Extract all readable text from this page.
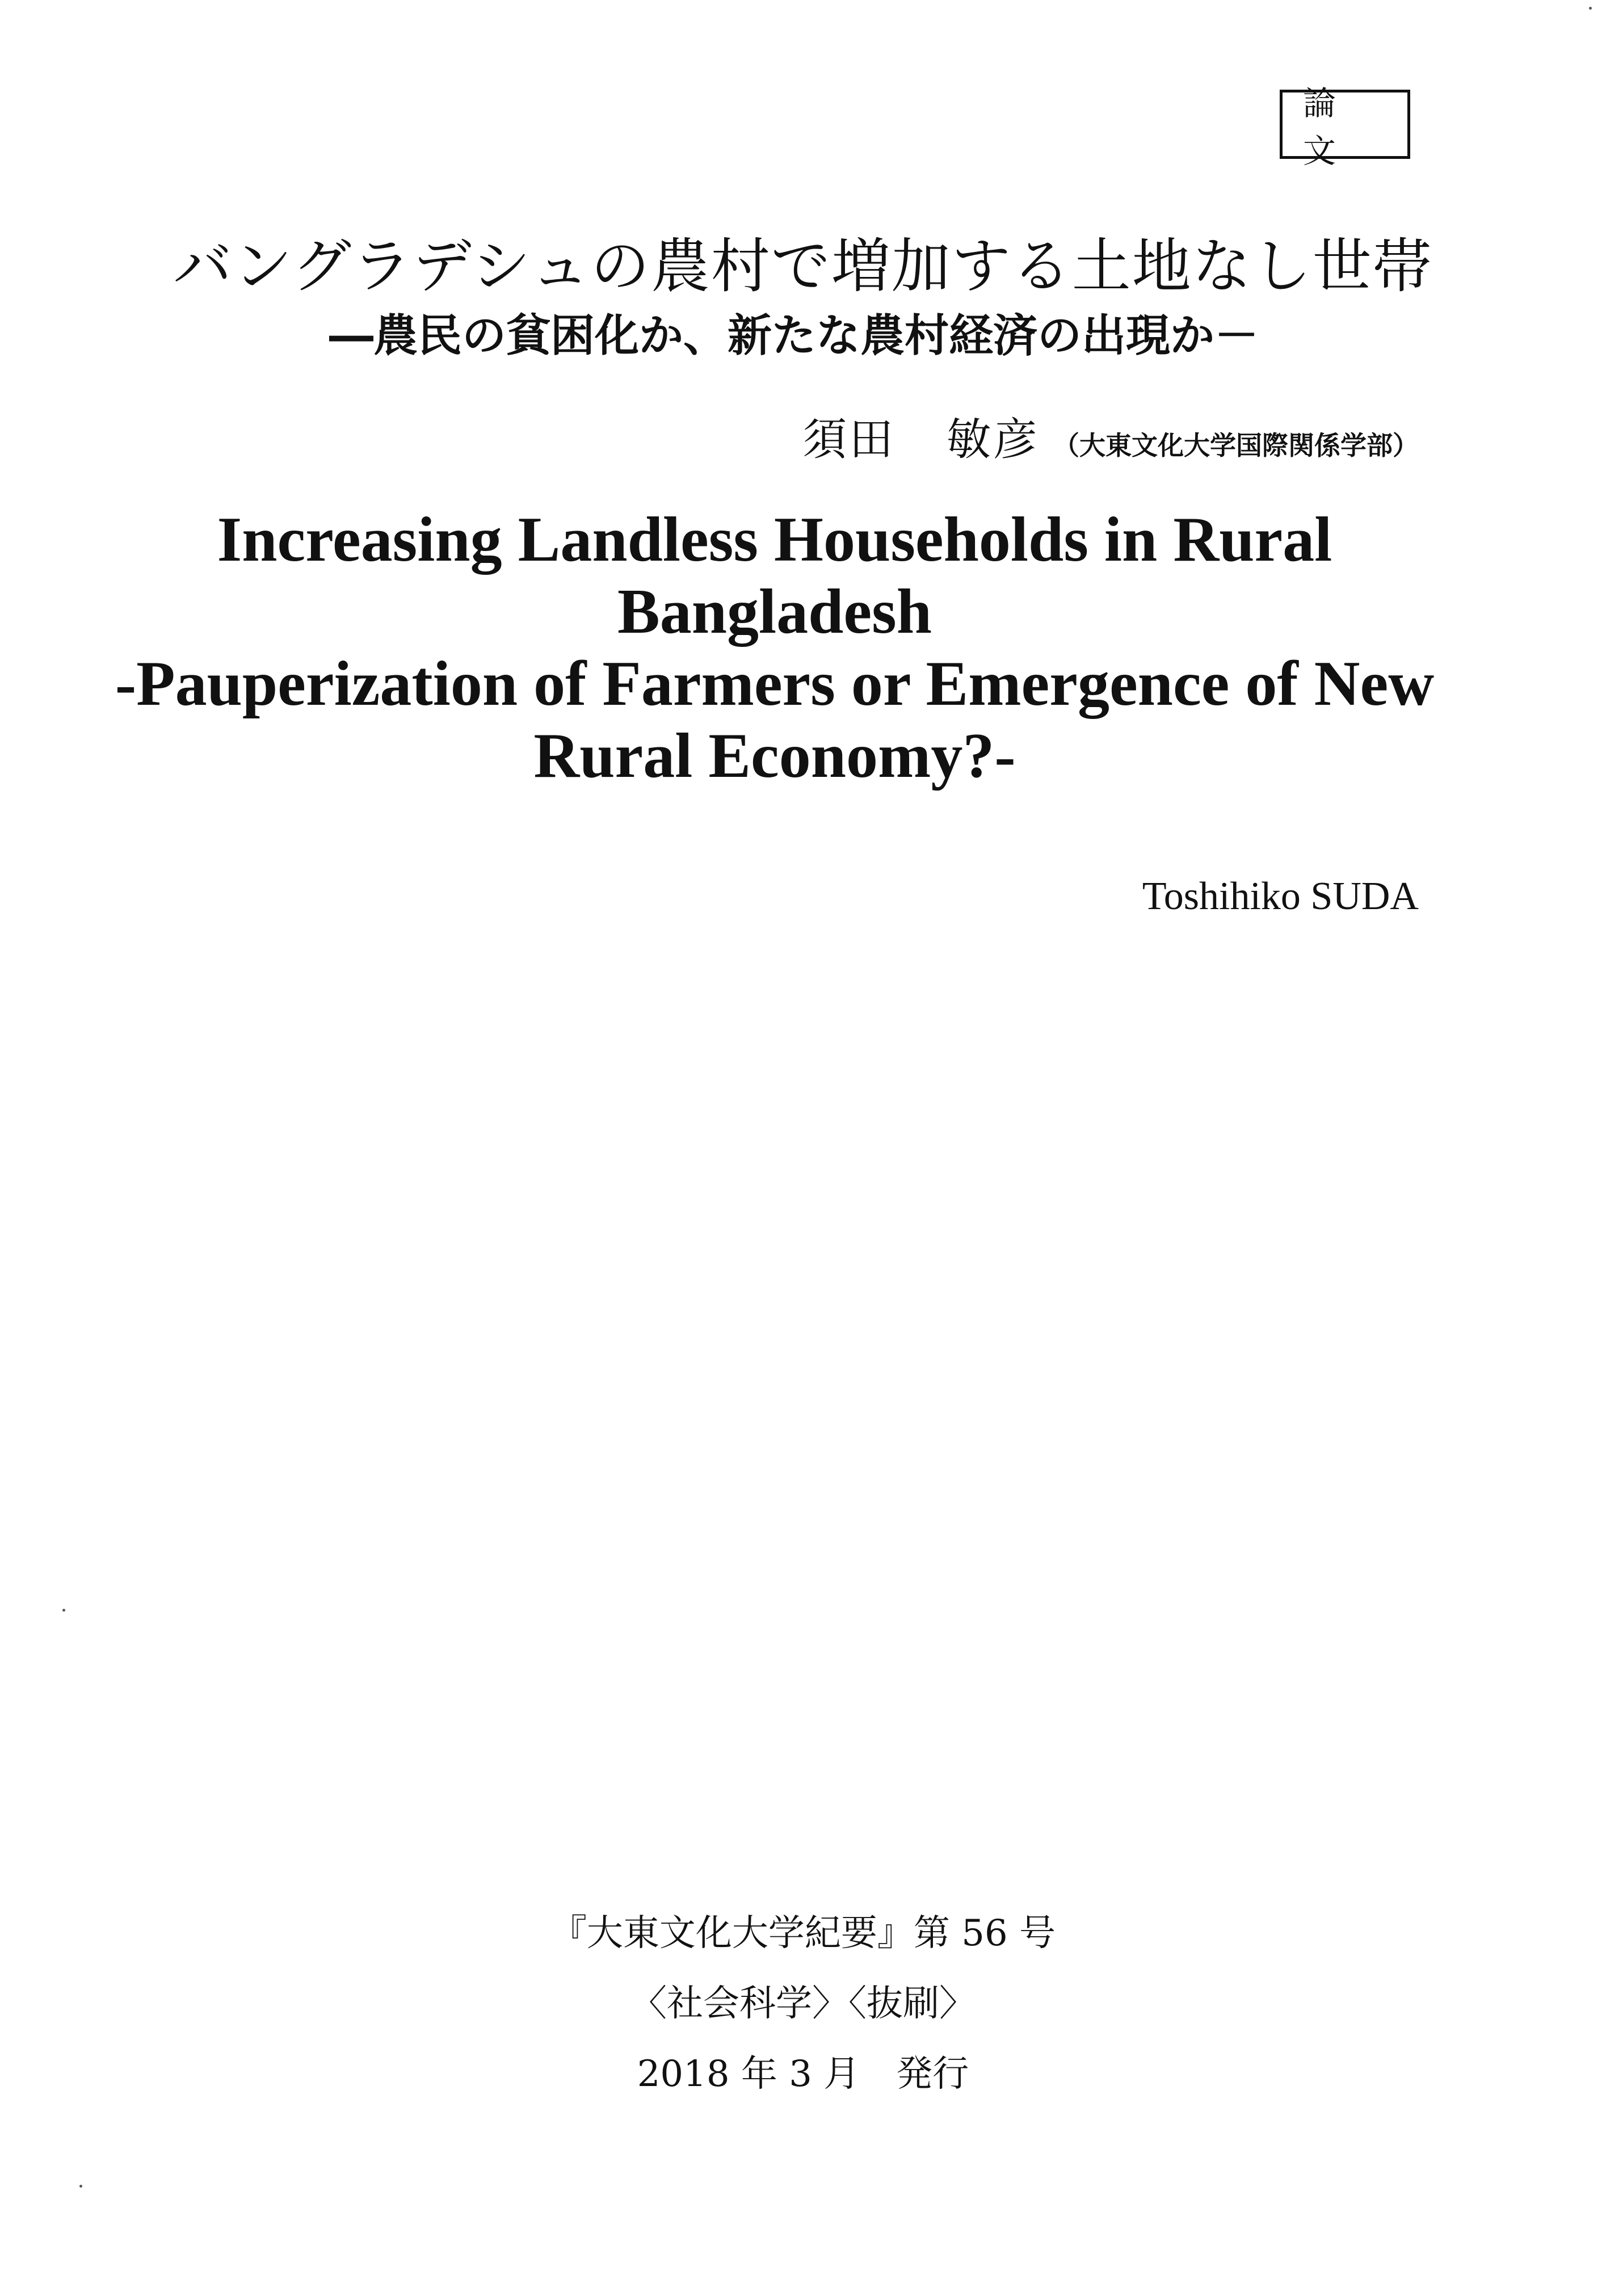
論文
バングラデシュの農村で増加する土地なし世帯
―農民の貧困化か、新たな農村経済の出現か－
須田 敏彦 （大東文化大学国際関係学部）
Increasing Landless Households in Rural
Bangladesh
-Pauperization of Farmers or Emergence of New
Rural Economy?-
Toshihiko SUDA
『大東文化大学紀要』第 56 号
〈社会科学〉〈抜刷〉
2018 年 3 月　発行
